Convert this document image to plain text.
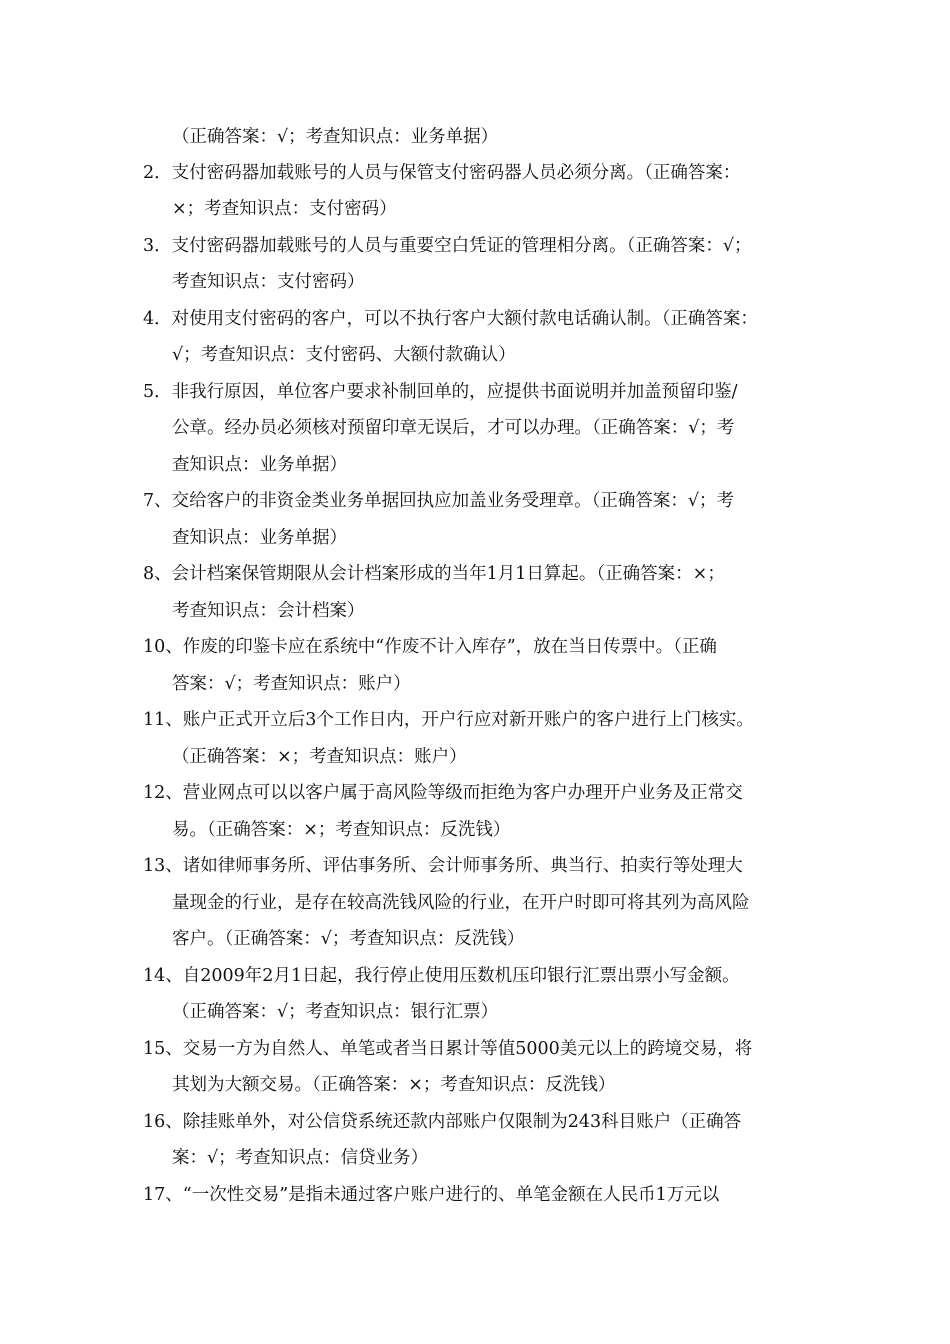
（正确答案：√；考查知识点：业务单据）
2．支付密码器加载账号的人员与保管支付密码器人员必须分离。（正确答案：
×；考查知识点：支付密码）
3．支付密码器加载账号的人员与重要空白凭证的管理相分离。（正确答案：√；
考查知识点：支付密码）
4．对使用支付密码的客户，可以不执行客户大额付款电话确认制。（正确答案：
√；考查知识点：支付密码、大额付款确认）
5．非我行原因，单位客户要求补制回单的，应提供书面说明并加盖预留印鉴/
公章。经办员必须核对预留印章无误后，才可以办理。（正确答案：√；考
查知识点：业务单据）
7、交给客户的非资金类业务单据回执应加盖业务受理章。（正确答案：√；考
查知识点：业务单据）
8、会计档案保管期限从会计档案形成的当年1月1日算起。（正确答案：×；
考查知识点：会计档案）
10、作废的印鉴卡应在系统中“作废不计入库存”，放在当日传票中。（正确
答案：√；考查知识点：账户）
11、账户正式开立后3个工作日内，开户行应对新开账户的客户进行上门核实。
（正确答案：×；考查知识点：账户）
12、营业网点可以以客户属于高风险等级而拒绝为客户办理开户业务及正常交
易。（正确答案：×；考查知识点：反洗钱）
13、诸如律师事务所、评估事务所、会计师事务所、典当行、拍卖行等处理大
量现金的行业，是存在较高洗钱风险的行业，在开户时即可将其列为高风险
客户。（正确答案：√；考查知识点：反洗钱）
14、自2009年2月1日起，我行停止使用压数机压印银行汇票出票小写金额。
（正确答案：√；考查知识点：银行汇票）
15、交易一方为自然人、单笔或者当日累计等值5000美元以上的跨境交易，将
其划为大额交易。（正确答案：×；考查知识点：反洗钱）
16、除挂账单外，对公信贷系统还款内部账户仅限制为243科目账户（正确答
案：√；考查知识点：信贷业务）
17、“一次性交易”是指未通过客户账户进行的、单笔金额在人民币1万元以
